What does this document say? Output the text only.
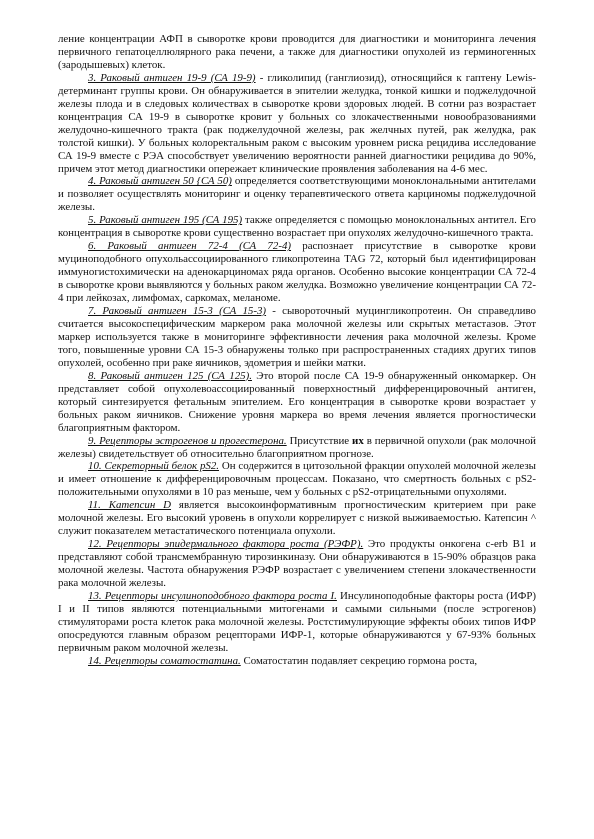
ление концентрации АФП в сыворотке крови проводится для диагностики и мониторинга лечения первичного гепатоцеллюлярного рака печени, а также для диагностики опухолей из герминогенных (зародышевых) клеток.

3. Раковый антиген 19-9 (СА 19-9) - гликолипид (ганглиозид), относящийся к гаптену Lewis-детерминант группы крови. Он обнаруживается в эпителии желудка, тонкой кишки и поджелудочной железы плода и в следовых количествах в сыворотке крови здоровых людей. В сотни раз возрастает концентрация СА 19-9 в сыворотке кровит у больных со злокачественными новообразованиями желудочно-кишечного тракта (рак поджелудочной железы, рак желчных путей, рак желудка, рак толстой кишки). У больных колоректальным раком с высоким уровнем риска рецидива исследование СА 19-9 вместе с РЭА способствует увеличению вероятности ранней диагностики рецидива до 90%, причем этот метод диагностики опережает клинические проявления заболевания на 4-6 мес.

4. Раковый антиген 50 {СА 50) определяется соответствующими моноклональными антителами и позволяет осуществлять мониторинг и оценку терапевтического ответа карциномы поджелудочной железы.

5. Раковый антиген 195 (СА 195) также определяется с помощью моноклональных антител. Его концентрация в сыворотке крови существенно возрастает при опухолях желудочно-кишечного тракта.

6. Раковый антиген 72-4 (СА 72-4) распознает присутствие в сыворотке крови муциноподобного опухольассоциированного гликопротеина TAG 72, который был идентифицирован иммуногистохимически на аденокарциномах ряда органов. Особенно высокие концентрации СА 72-4 в сыворотке крови выявляются у больных раком желудка. Возможно увеличение концентрации СА 72-4 при лейкозах, лимфомах, саркомах, меланоме.

7. Раковый антиген 15-3 (СА 15-3) - сывороточный муцингликопротеин. Он справедливо считается высокоспецифическим маркером рака молочной железы или скрытых метастазов. Этот маркер используется также в мониторинге эффективности лечения рака молочной железы. Кроме того, повышенные уровни СА 15-3 обнаружены только при распространенных стадиях других типов опухолей, особенно при раке яичников, эдометрия и шейки матки.

8. Раковый антиген 125 (СА 125). Это второй после СА 19-9 обнаруженный онкомаркер. Он представляет собой опухолевоассоциированный поверхностный дифференцировочный антиген, который синтезируется фетальным эпителием. Его концентрация в сыворотке крови возрастает у больных раком яичников. Снижение уровня маркера во время лечения является прогностически благоприятным фактором.

9. Рецепторы эстрогенов и прогестерона. Присутствие их в первичной опухоли (рак молочной железы) свидетельствует об относительно благоприятном прогнозе.

10. Секреторный белок pS2. Он содержится в цитозольной фракции опухолей молочной железы и имеет отношение к дифференцировочным процессам. Показано, что смертность больных с pS2-положительными опухолями в 10 раз меньше, чем у больных с pS2-отрицательными опухолями.

11. Катепсин D является высокоинформативным прогностическим критерием при раке молочной железы. Его высокий уровень в опухоли коррелирует с низкой выживаемостью. Катепсин ^ служит показателем метастатического потенциала опухоли.

12. Рецепторы эпидермального фактора роста (РЭФР). Это продукты онкогена c-erb B1 и представляют собой трансмембранную тирозинкиназу. Они обнаруживаются в 15-90% образцов рака молочной железы. Частота обнаружения РЭФР возрастает с увеличением степени злокачественности рака молочной железы.

13. Рецепторы инсулиноподобного фактора роста I. Инсулиноподобные факторы роста (ИФР) I и II типов являются потенциальными митогенами и самыми сильными (после эстрогенов) стимуляторами роста клеток рака молочной железы. Ростстимулирующие эффекты обоих типов ИФР опосредуются главным образом рецепторами ИФР-1, которые обнаруживаются у 67-93% больных первичным раком молочной железы.

14. Рецепторы соматостатина. Соматостатин подавляет секрецию гормона роста,
